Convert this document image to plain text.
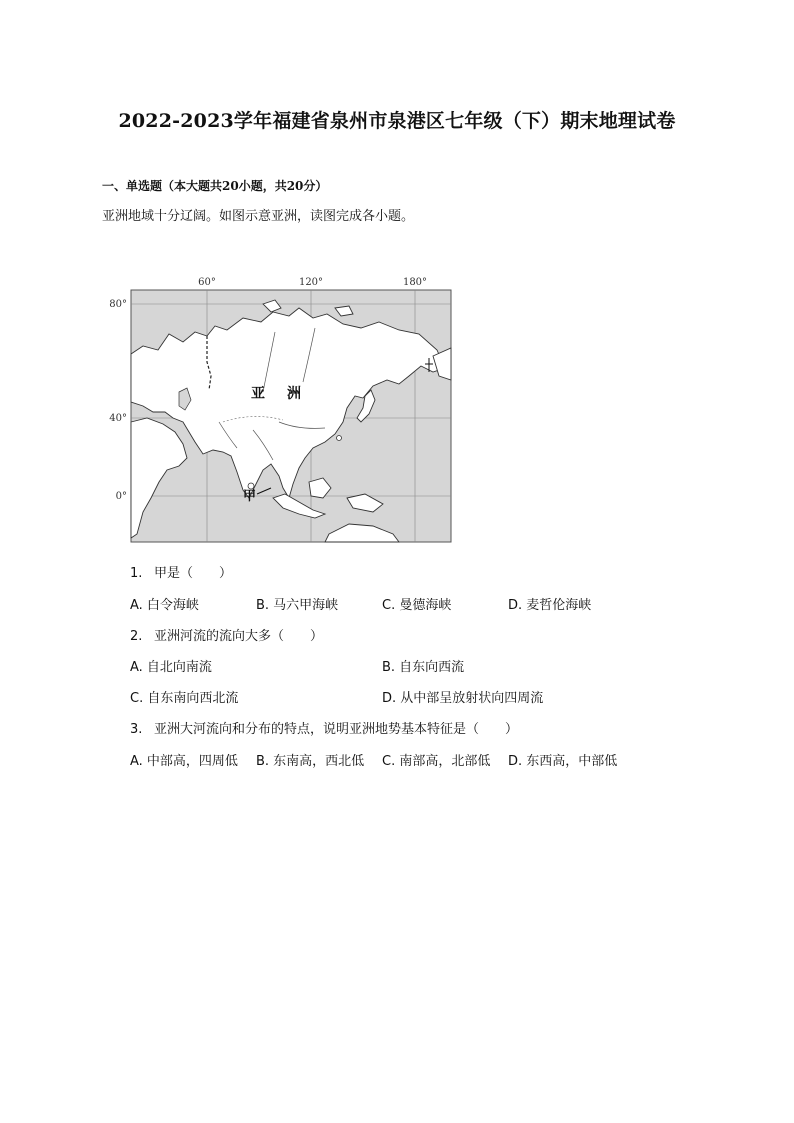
2022-2023学年福建省泉州市泉港区七年级（下）期末地理试卷
一、单选题（本大题共20小题，共20分）
亚洲地域十分辽阔。如图示意亚洲，读图完成各小题。
60°	120°	180°
80°
40°
0°
亚 洲
甲
1. 甲是（　　）
A. 白令海峡	B. 马六甲海峡	C. 曼德海峡	D. 麦哲伦海峡
2. 亚洲河流的流向大多（　　）
A. 自北向南流	B. 自东向西流
C. 自东南向西北流	D. 从中部呈放射状向四周流
3. 亚洲大河流向和分布的特点，说明亚洲地势基本特征是（　　）
A. 中部高，四周低 B. 东南高，西北低 C. 南部高，北部低 D. 东西高，中部低
